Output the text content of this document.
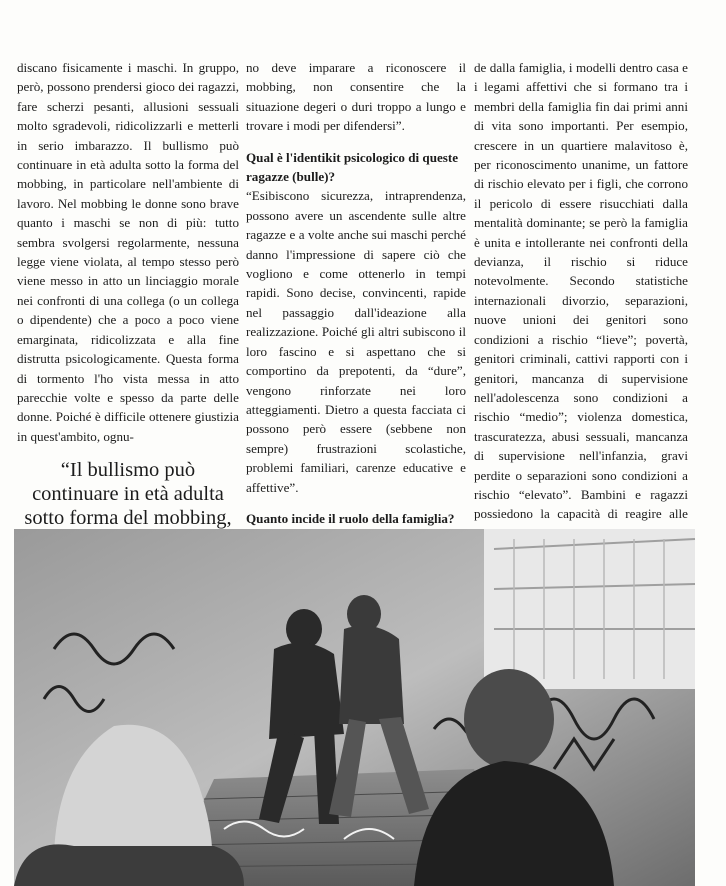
discano fisicamente i maschi. In gruppo, però, possono prendersi gioco dei ragazzi, fare scherzi pesanti, allusioni sessuali molto sgradevoli, ridicolizzarli e metterli in serio imbarazzo. Il bullismo può continuare in età adulta sotto la forma del mobbing, in particolare nell'ambiente di lavoro. Nel mobbing le donne sono brave quanto i maschi se non di più: tutto sembra svolgersi regolarmente, nessuna legge viene violata, al tempo stesso però viene messo in atto un linciaggio morale nei confronti di una collega (o un collega o dipendente) che a poco a poco viene emarginata, ridicolizzata e alla fine distrutta psicologicamente. Questa forma di tormento l'ho vista messa in atto parecchie volte e spesso da parte delle donne. Poiché è difficile ottenere giustizia in quest'ambito, ognu-

“Il bullismo può continuare in età adulta sotto forma del mobbing,

no deve imparare a riconoscere il mobbing, non consentire che la situazione degeri o duri troppo a lungo e trovare i modi per difendersi”.

Qual è l'identikit psicologico di queste ragazze (bulle)?

“Esibiscono sicurezza, intraprendenza, possono avere un ascendente sulle altre ragazze e a volte anche sui maschi perché danno l'impressione di sapere ciò che vogliono e come ottenerlo in tempi rapidi. Sono decise, convincenti, rapide nel passaggio dall'ideazione alla realizzazione. Poiché gli altri subiscono il loro fascino e si aspettano che si comportino da prepotenti, da “dure”, vengono rinforzate nei loro atteggiamenti. Dietro a questa facciata ci possono però essere (sebbene non sempre) frustrazioni scolastiche, problemi familiari, carenze educative e affettive”.

Quanto incide il ruolo della famiglia?

de dalla famiglia, i modelli dentro casa e i legami affettivi che si formano tra i membri della famiglia fin dai primi anni di vita sono importanti. Per esempio, crescere in un quartiere malavitoso è, per riconoscimento unanime, un fattore di rischio elevato per i figli, che corrono il pericolo di essere risucchiati dalla mentalità dominante; se però la famiglia è unita e intollerante nei confronti della devianza, il rischio si riduce notevolmente. Secondo statistiche internazionali divorzio, separazioni, nuove unioni dei genitori sono condizioni a rischio “lieve”; povertà, genitori criminali, cattivi rapporti con i genitori, mancanza di supervisione nell'adolescenza sono condizioni a rischio “medio”; violenza domestica, trascuratezza, abusi sessuali, mancanza di supervisione nell'infanzia, gravi perdite o separazioni sono condizioni a rischio “elevato”. Bambini e ragazzi possiedono la capacità di reagire alle
